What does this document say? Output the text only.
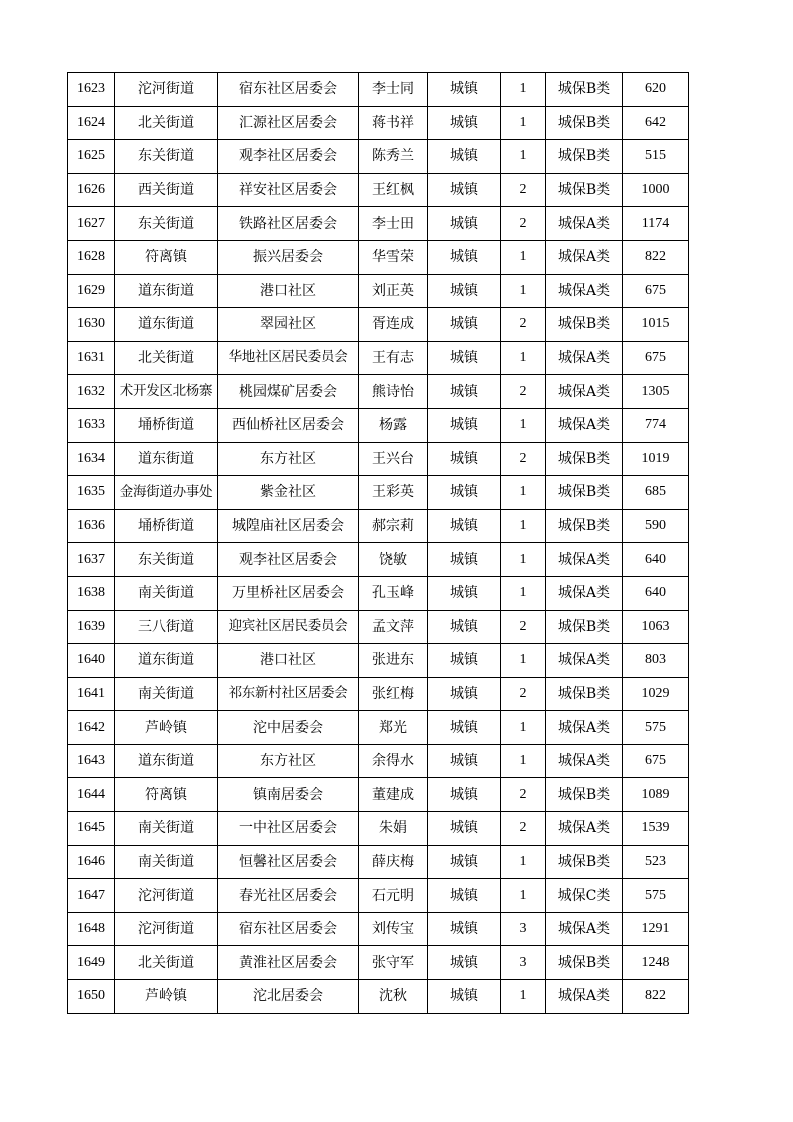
1623	沱河街道	宿东社区居委会	李士同	城镇	1	城保B类	620
1624	北关街道	汇源社区居委会	蒋书祥	城镇	1	城保B类	642
1625	东关街道	观李社区居委会	陈秀兰	城镇	1	城保B类	515
1626	西关街道	祥安社区居委会	王红枫	城镇	2	城保B类	1000
1627	东关街道	铁路社区居委会	李士田	城镇	2	城保A类	1174
1628	符离镇	振兴居委会	华雪荣	城镇	1	城保A类	822
1629	道东街道	港口社区	刘正英	城镇	1	城保A类	675
1630	道东街道	翠园社区	胥连成	城镇	2	城保B类	1015
1631	北关街道	华地社区居民委员会	王有志	城镇	1	城保A类	675
1632	术开发区北杨寨	桃园煤矿居委会	熊诗怡	城镇	2	城保A类	1305
1633	埇桥街道	西仙桥社区居委会	杨露	城镇	1	城保A类	774
1634	道东街道	东方社区	王兴台	城镇	2	城保B类	1019
1635	金海街道办事处	紫金社区	王彩英	城镇	1	城保B类	685
1636	埇桥街道	城隍庙社区居委会	郝宗莉	城镇	1	城保B类	590
1637	东关街道	观李社区居委会	饶敏	城镇	1	城保A类	640
1638	南关街道	万里桥社区居委会	孔玉峰	城镇	1	城保A类	640
1639	三八街道	迎宾社区居民委员会	孟文萍	城镇	2	城保B类	1063
1640	道东街道	港口社区	张进东	城镇	1	城保A类	803
1641	南关街道	祁东新村社区居委会	张红梅	城镇	2	城保B类	1029
1642	芦岭镇	沱中居委会	郑光	城镇	1	城保A类	575
1643	道东街道	东方社区	余得水	城镇	1	城保A类	675
1644	符离镇	镇南居委会	董建成	城镇	2	城保B类	1089
1645	南关街道	一中社区居委会	朱娟	城镇	2	城保A类	1539
1646	南关街道	恒馨社区居委会	薛庆梅	城镇	1	城保B类	523
1647	沱河街道	春光社区居委会	石元明	城镇	1	城保C类	575
1648	沱河街道	宿东社区居委会	刘传宝	城镇	3	城保A类	1291
1649	北关街道	黄淮社区居委会	张守军	城镇	3	城保B类	1248
1650	芦岭镇	沱北居委会	沈秋	城镇	1	城保A类	822
